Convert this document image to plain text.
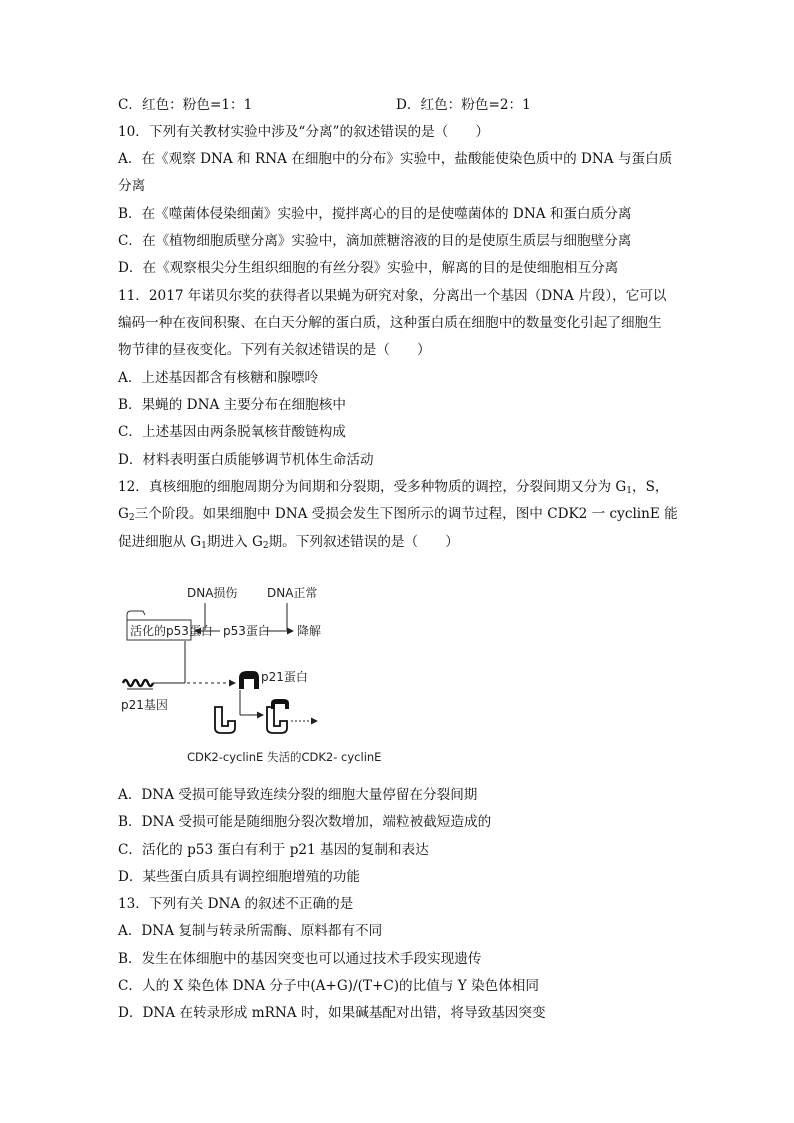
C．红色：粉色=1：1	D．红色：粉色=2：1
10．下列有关教材实验中涉及“分离”的叙述错误的是（　　）
A．在《观察 DNA 和 RNA 在细胞中的分布》实验中，盐酸能使染色质中的 DNA 与蛋白质
分离
B．在《噬菌体侵染细菌》实验中，搅拌离心的目的是使噬菌体的 DNA 和蛋白质分离
C．在《植物细胞质壁分离》实验中，滴加蔗糖溶液的目的是使原生质层与细胞壁分离
D．在《观察根尖分生组织细胞的有丝分裂》实验中，解离的目的是使细胞相互分离
11．2017 年诺贝尔奖的获得者以果蝇为研究对象，分离出一个基因（DNA 片段），它可以
编码一种在夜间积聚、在白天分解的蛋白质，这种蛋白质在细胞中的数量变化引起了细胞生
物节律的昼夜变化。下列有关叙述错误的是（　　）
A．上述基因都含有核糖和腺嘌呤
B．果蝇的 DNA 主要分布在细胞核中
C．上述基因由两条脱氧核苷酸链构成
D．材料表明蛋白质能够调节机体生命活动
12．真核细胞的细胞周期分为间期和分裂期，受多种物质的调控，分裂间期又分为 $G_1$，S，
$G_2$三个阶段。如果细胞中 DNA 受损会发生下图所示的调节过程，图中 CDK2 一 cyclinE 能
促进细胞从 $G_1$期进入 $G_2$期。下列叙述错误的是（　　）
DNA损伤 DNA正常
活化的p53蛋白 p53蛋白 降解
p21基因
p21蛋白
CDK2-cyclinE 失活的CDK2- cyclinE
A．DNA 受损可能导致连续分裂的细胞大量停留在分裂间期
B．DNA 受损可能是随细胞分裂次数增加，端粒被截短造成的
C．活化的 p53 蛋白有利于 p21 基因的复制和表达
D．某些蛋白质具有调控细胞增殖的功能
13．下列有关 DNA 的叙述不正确的是
A．DNA 复制与转录所需酶、原料都有不同
B．发生在体细胞中的基因突变也可以通过技术手段实现遗传
C．人的 X 染色体 DNA 分子中(A+G)/(T+C)的比值与 Y 染色体相同
D．DNA 在转录形成 mRNA 时，如果碱基配对出错，将导致基因突变
